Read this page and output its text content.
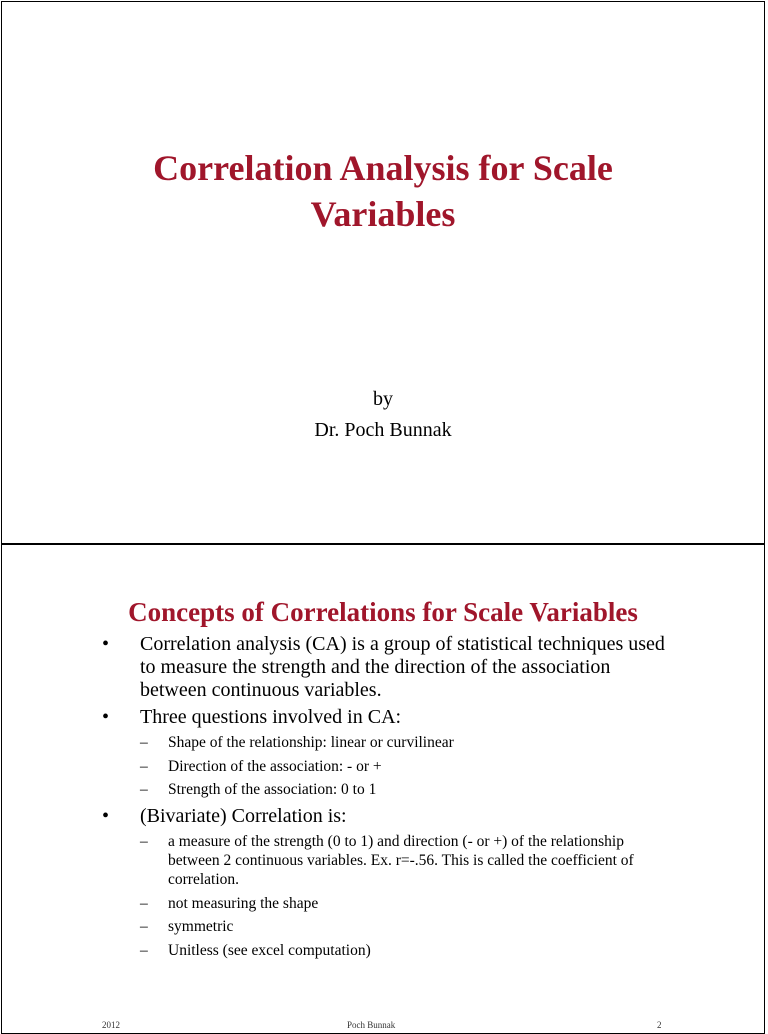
Correlation Analysis for Scale
Variables
by
Dr. Poch Bunnak
Concepts of Correlations for Scale Variables
• Correlation analysis (CA) is a group of statistical techniques used to measure the strength and the direction of the association between continuous variables.
• Three questions involved in CA:
– Shape of the relationship: linear or curvilinear
– Direction of the association: - or +
– Strength of the association: 0 to 1
• (Bivariate) Correlation is:
– a measure of the strength (0 to 1) and direction (- or +) of the relationship between 2 continuous variables. Ex. r=-.56. This is called the coefficient of correlation.
– not measuring the shape
– symmetric
– Unitless (see excel computation)
2012	Poch Bunnak	2
